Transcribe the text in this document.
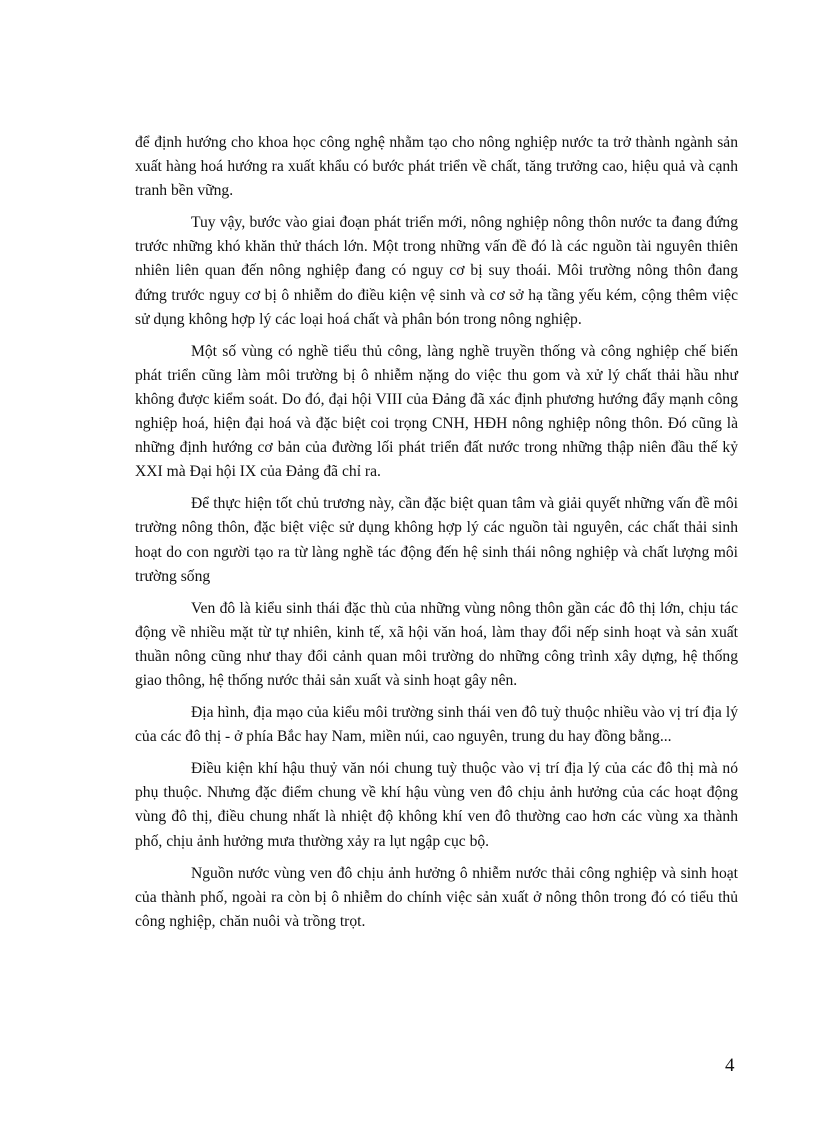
để định hướng cho khoa học công nghệ nhằm tạo cho nông nghiệp nước ta trở thành ngành sản xuất hàng hoá hướng ra xuất khẩu có bước phát triển về chất, tăng trưởng cao, hiệu quả và cạnh tranh bền vững.

Tuy vậy, bước vào giai đoạn phát triển mới, nông nghiệp nông thôn nước ta đang đứng trước những khó khăn thử thách lớn. Một trong những vấn đề đó là các nguồn tài nguyên thiên nhiên liên quan đến nông nghiệp đang có nguy cơ bị suy thoái. Môi trường nông thôn đang đứng trước nguy cơ bị ô nhiễm do điều kiện vệ sinh và cơ sở hạ tầng yếu kém, cộng thêm việc sử dụng không hợp lý các loại hoá chất và phân bón trong nông nghiệp.

Một số vùng có nghề tiểu thủ công, làng nghề truyền thống và công nghiệp chế biến phát triển cũng làm môi trường bị ô nhiễm nặng do việc thu gom và xử lý chất thải hầu như không được kiểm soát. Do đó, đại hội VIII của Đảng đã xác định phương hướng đẩy mạnh công nghiệp hoá, hiện đại hoá và đặc biệt coi trọng CNH, HĐH nông nghiệp nông thôn. Đó cũng là những định hướng cơ bản của đường lối phát triển đất nước trong những thập niên đầu thế kỷ XXI mà Đại hội IX của Đảng đã chỉ ra.

Để thực hiện tốt chủ trương này, cần đặc biệt quan tâm và giải quyết những vấn đề môi trường nông thôn, đặc biệt việc sử dụng không hợp lý các nguồn tài nguyên, các chất thải sinh hoạt do con người tạo ra từ làng nghề tác động đến hệ sinh thái nông nghiệp và chất lượng môi trường sống

Ven đô là kiểu sinh thái đặc thù của những vùng nông thôn gần các đô thị lớn, chịu tác động về nhiều mặt từ tự nhiên, kinh tế, xã hội văn hoá, làm thay đổi nếp sinh hoạt và sản xuất thuần nông cũng như thay đổi cảnh quan môi trường do những công trình xây dựng, hệ thống giao thông, hệ thống nước thải sản xuất và sinh hoạt gây nên.

Địa hình, địa mạo của kiểu môi trường sinh thái ven đô tuỳ thuộc nhiều vào vị trí địa lý của các đô thị - ở phía Bắc hay Nam, miền núi, cao nguyên, trung du hay đồng bằng...

Điều kiện khí hậu thuỷ văn nói chung tuỳ thuộc vào vị trí địa lý của các đô thị mà nó phụ thuộc. Nhưng đặc điểm chung về khí hậu vùng ven đô chịu ảnh hưởng của các hoạt động vùng đô thị, điều chung nhất là nhiệt độ không khí ven đô thường cao hơn các vùng xa thành phố, chịu ảnh hưởng mưa thường xảy ra lụt ngập cục bộ.

Nguồn nước vùng ven đô chịu ảnh hưởng ô nhiễm nước thải công nghiệp và sinh hoạt của thành phố, ngoài ra còn bị ô nhiễm do chính việc sản xuất ở nông thôn trong đó có tiểu thủ công nghiệp, chăn nuôi và trồng trọt.

4
